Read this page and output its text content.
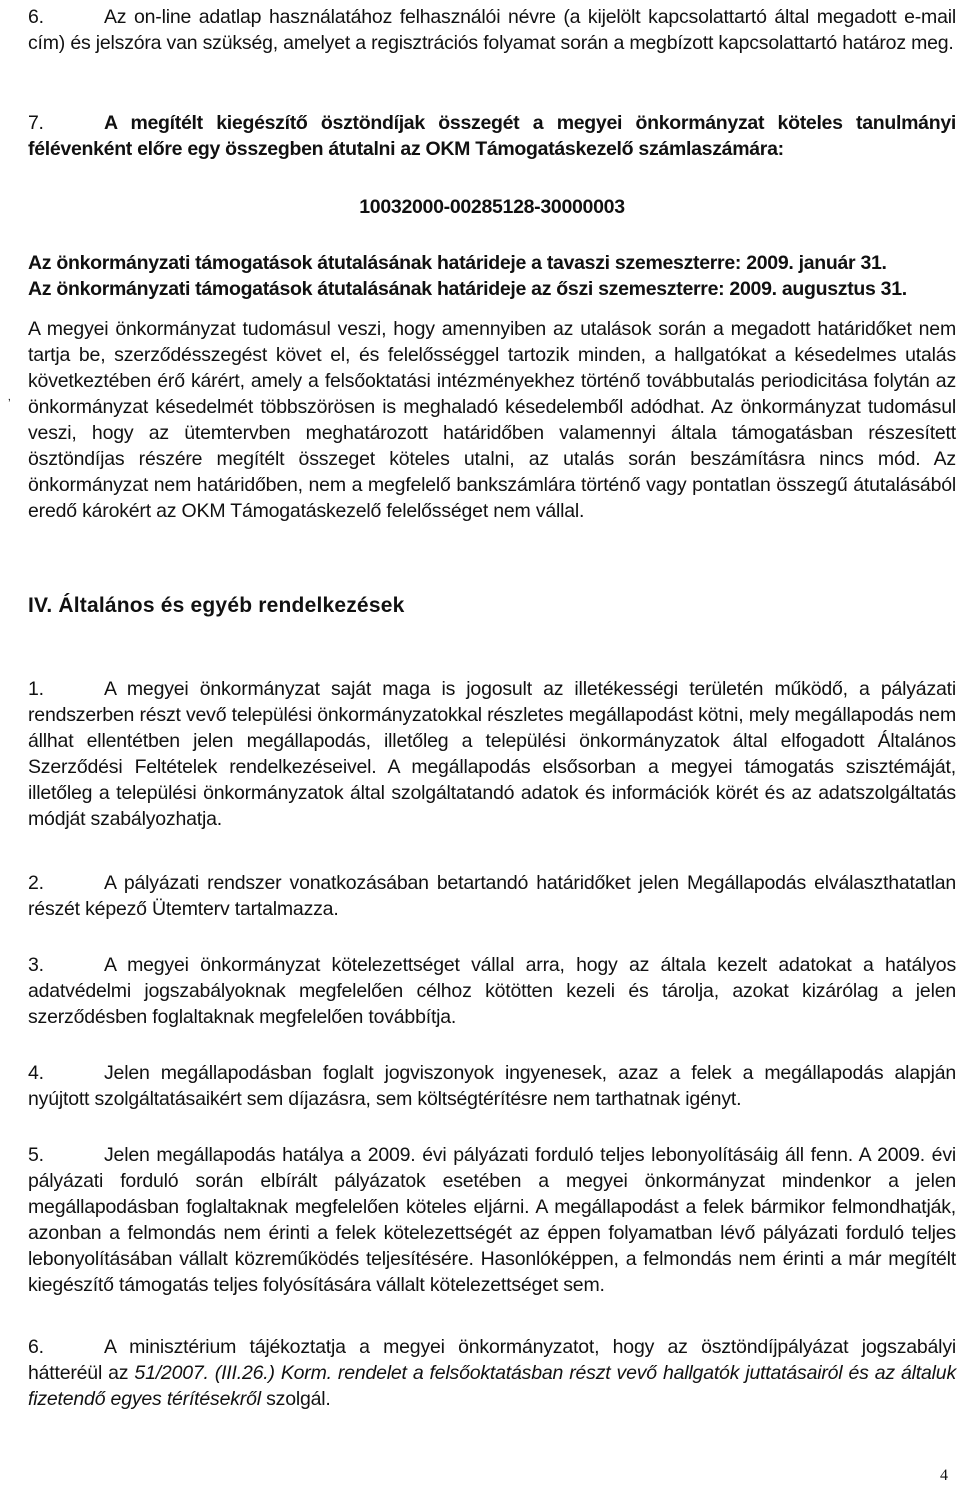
6.	Az on-line adatlap használatához felhasználói névre (a kijelölt kapcsolattartó által megadott e-mail cím) és jelszóra van szükség, amelyet a regisztrációs folyamat során a megbízott kapcsolattartó határoz meg.
7.	A megítélt kiegészítő ösztöndíjak összegét a megyei önkormányzat köteles tanulmányi félévenként előre egy összegben átutalni az OKM Támogatáskezelő számlaszámára:
10032000-00285128-30000003
Az önkormányzati támogatások átutalásának határideje a tavaszi szemeszterre: 2009. január 31.
Az önkormányzati támogatások átutalásának határideje az őszi szemeszterre: 2009. augusztus 31.
‚
A megyei önkormányzat tudomásul veszi, hogy amennyiben az utalások során a megadott határidőket nem tartja be, szerződésszegést követ el, és felelősséggel tartozik minden, a hallgatókat a késedelmes utalás következtében érő kárért, amely a felsőoktatási intézményekhez történő továbbutalás periodicitása folytán az önkormányzat késedelmét többszörösen is meghaladó késedelemből adódhat. Az önkormányzat tudomásul veszi, hogy az ütemtervben meghatározott határidőben valamennyi általa támogatásban részesített ösztöndíjas részére megítélt összeget köteles utalni, az utalás során beszámításra nincs mód. Az önkormányzat nem határidőben, nem a megfelelő bankszámlára történő vagy pontatlan összegű átutalásából eredő károkért az OKM Támogatáskezelő felelősséget nem vállal.
IV. Általános és egyéb rendelkezések
1.	A megyei önkormányzat saját maga is jogosult az illetékességi területén működő, a pályázati rendszerben részt vevő települési önkormányzatokkal részletes megállapodást kötni, mely megállapodás nem állhat ellentétben jelen megállapodás, illetőleg a települési önkormányzatok által elfogadott Általános Szerződési Feltételek rendelkezéseivel. A megállapodás elsősorban a megyei támogatás szisztémáját, illetőleg a települési önkormányzatok által szolgáltatandó adatok és információk körét és az adatszolgáltatás módját szabályozhatja.
2.	A pályázati rendszer vonatkozásában betartandó határidőket jelen Megállapodás elválaszthatatlan részét képező Ütemterv tartalmazza.
3.	A megyei önkormányzat kötelezettséget vállal arra, hogy az általa kezelt adatokat a hatályos adatvédelmi jogszabályoknak megfelelően célhoz kötötten kezeli és tárolja, azokat kizárólag a jelen szerződésben foglaltaknak megfelelően továbbítja.
4.	Jelen megállapodásban foglalt jogviszonyok ingyenesek, azaz a felek a megállapodás alapján nyújtott szolgáltatásaikért sem díjazásra, sem költségtérítésre nem tarthatnak igényt.
5.	Jelen megállapodás hatálya a 2009. évi pályázati forduló teljes lebonyolításáig áll fenn. A 2009. évi pályázati forduló során elbírált pályázatok esetében a megyei önkormányzat mindenkor a jelen megállapodásban foglaltaknak megfelelően köteles eljárni. A megállapodást a felek bármikor felmondhatják, azonban a felmondás nem érinti a felek kötelezettségét az éppen folyamatban lévő pályázati forduló teljes lebonyolításában vállalt közreműködés teljesítésére. Hasonlóképpen, a felmondás nem érinti a már megítélt kiegészítő támogatás teljes folyósítására vállalt kötelezettséget sem.
6.	A minisztérium tájékoztatja a megyei önkormányzatot, hogy az ösztöndíjpályázat jogszabályi hátteréül az 51/2007. (III.26.) Korm. rendelet a felsőoktatásban részt vevő hallgatók juttatásairól és az általuk fizetendő egyes térítésekről szolgál.
4
